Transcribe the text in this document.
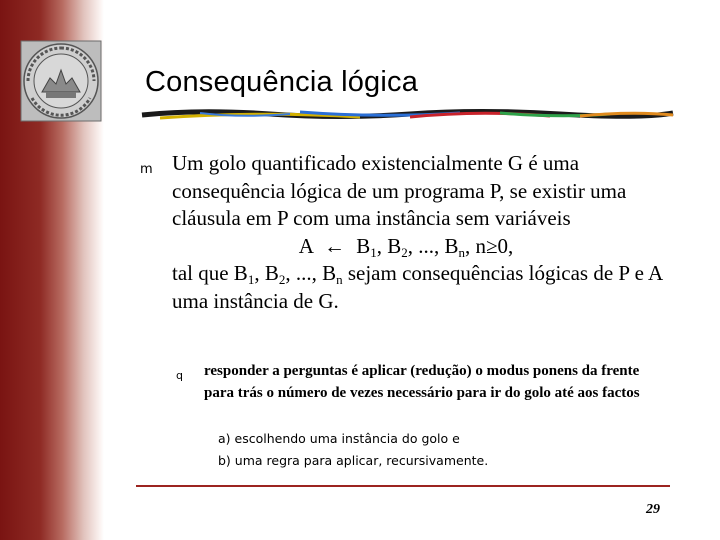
Consequência lógica
m Um golo quantificado existencialmente G é uma consequência lógica de um programa P, se existir uma cláusula em P com uma instância sem variáveis
A ← $B_1$, $B_2$, ..., $B_n$, n≥0,
tal que $B_1$, $B_2$, ..., $B_n$ sejam consequências lógicas de P e A uma instância de G.
q responder a perguntas é aplicar (redução) o modus ponens da frente para trás o número de vezes necessário para ir do golo até aos factos
a) escolhendo uma instância do golo e
b) uma regra para aplicar, recursivamente.
29
